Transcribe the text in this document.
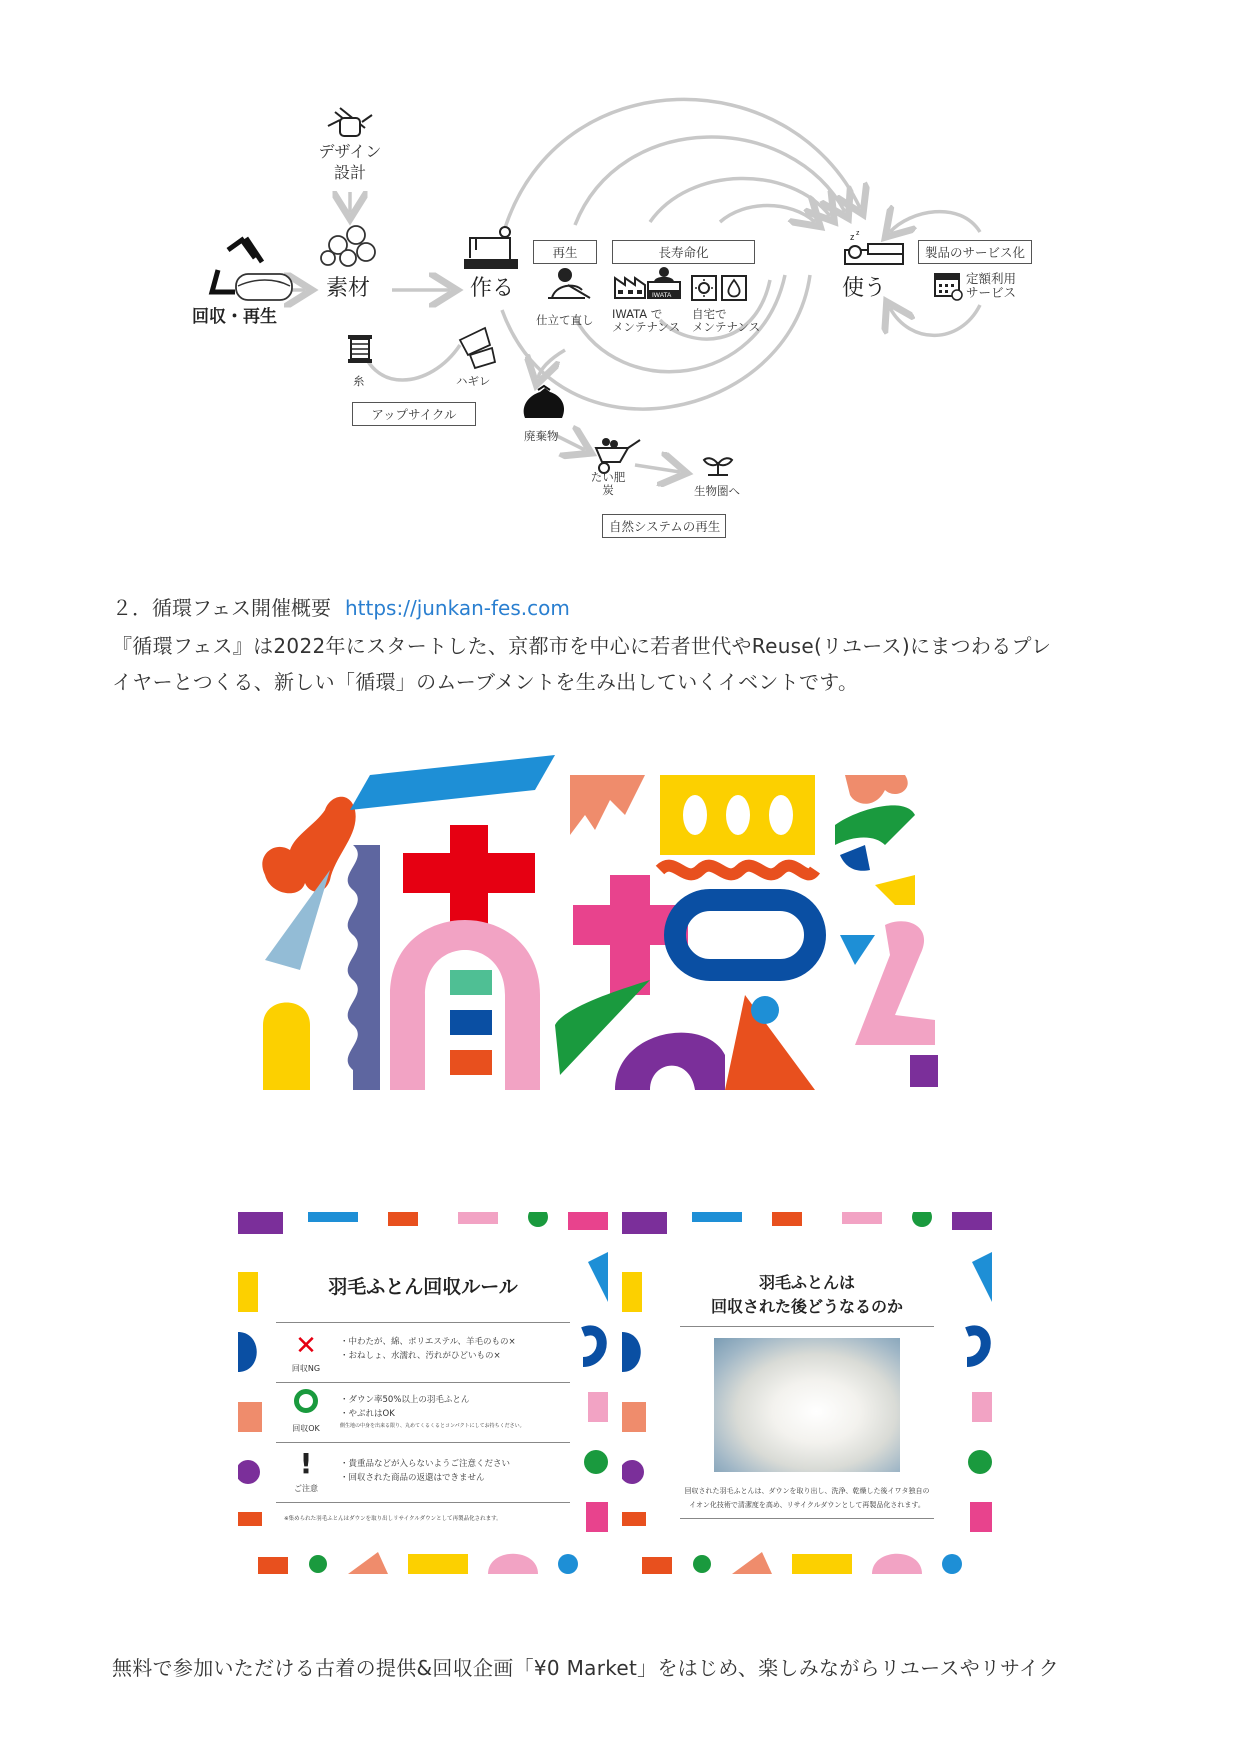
z z
IWATA
デザイン
設計
素材	作る	使う
回収・再生
再生	長寿命化	製品のサービス化
仕立て直し IWATA で
メンテナンス
自宅で
メンテナンス
定額利用
サービス
糸	ハギレ
アップサイクル
廃棄物
たい肥
炭	生物圏へ
自然システムの再生
２．循環フェス開催概要 https://junkan-fes.com
『循環フェス』は2022年にスタートした、京都市を中心に若者世代やReuse(リユース)にまつわるプレ
イヤーとつくる、新しい「循環」のムーブメントを生み出していくイベントです。
羽毛ふとん回収ルール
✕
回収NG
・中わたが、綿、ポリエステル、羊毛のもの×
・おねしょ、水濡れ、汚れがひどいもの×
回収OK
・ダウン率50%以上の羽毛ふとん
・やぶれはOK
側生地の中身を出来る限り、丸めてくるくるとコンパクトにしてお持ちください。
!
ご注意
・貴重品などが入らないようご注意ください
・回収された商品の返還はできません
※集められた羽毛ふとんはダウンを取り出しリサイクルダウンとして再製品化されます。
羽毛ふとんは
回収された後どうなるのか
回収された羽毛ふとんは、ダウンを取り出し、洗浄、乾燥した後イワタ独自の
イオン化技術で清潔度を高め、リサイクルダウンとして再製品化されます。
無料で参加いただける古着の提供&回収企画「¥0 Market」をはじめ、楽しみながらリユースやリサイク
